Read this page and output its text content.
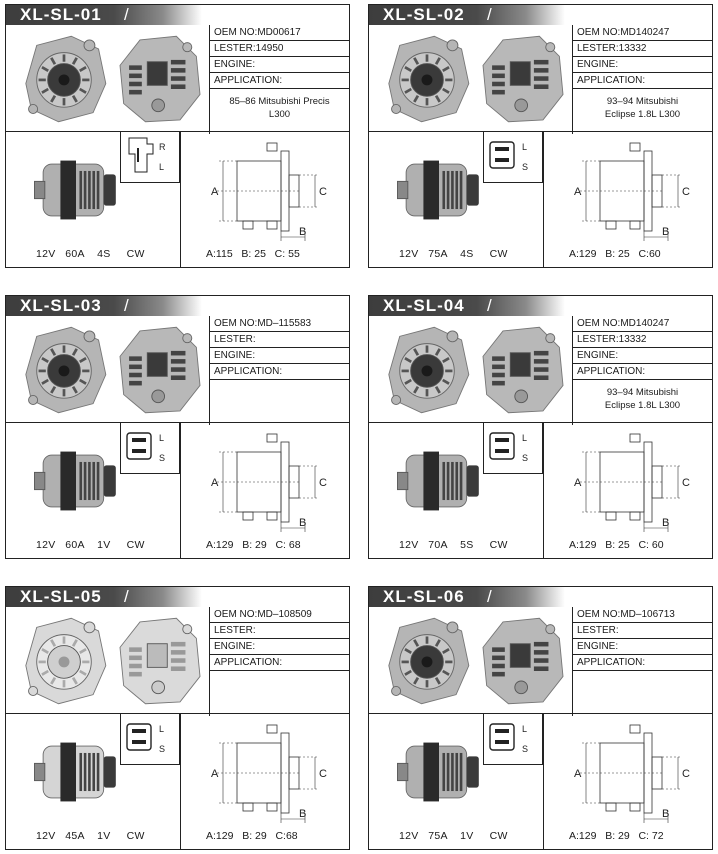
XL-SL-01 /
OEM NO:MD00617
LESTER:14950
ENGINE:
APPLICATION:
85–86 Mitsubishi Precis
L300
R
L
12V   60A    4S     CW
A	C
B
A:115   B: 25   C: 55
XL-SL-02 /
OEM NO:MD140247
LESTER:13332
ENGINE:
APPLICATION:
93–94 Mitsubishi
Eclipse 1.8L L300
L
S
12V   75A    4S     CW
A	C
B
A:129   B: 25   C:60
XL-SL-03 /
OEM NO:MD–115583
LESTER:
ENGINE:
APPLICATION:
L
S
12V   60A    1V     CW
A	C
B
A:129   B: 29   C: 68
XL-SL-04 /
OEM NO:MD140247
LESTER:13332
ENGINE:
APPLICATION:
93–94 Mitsubishi
Eclipse 1.8L L300
L
S
12V   70A    5S     CW
A	C
B
A:129   B: 25   C: 60
XL-SL-05 /
OEM NO:MD–108509
LESTER:
ENGINE:
APPLICATION:
L
S
12V   45A    1V     CW
A	C
B
A:129   B: 29   C:68
XL-SL-06 /
OEM NO:MD–106713
LESTER:
ENGINE:
APPLICATION:
L
S
12V   75A    1V     CW
A	C
B
A:129   B: 29   C: 72
